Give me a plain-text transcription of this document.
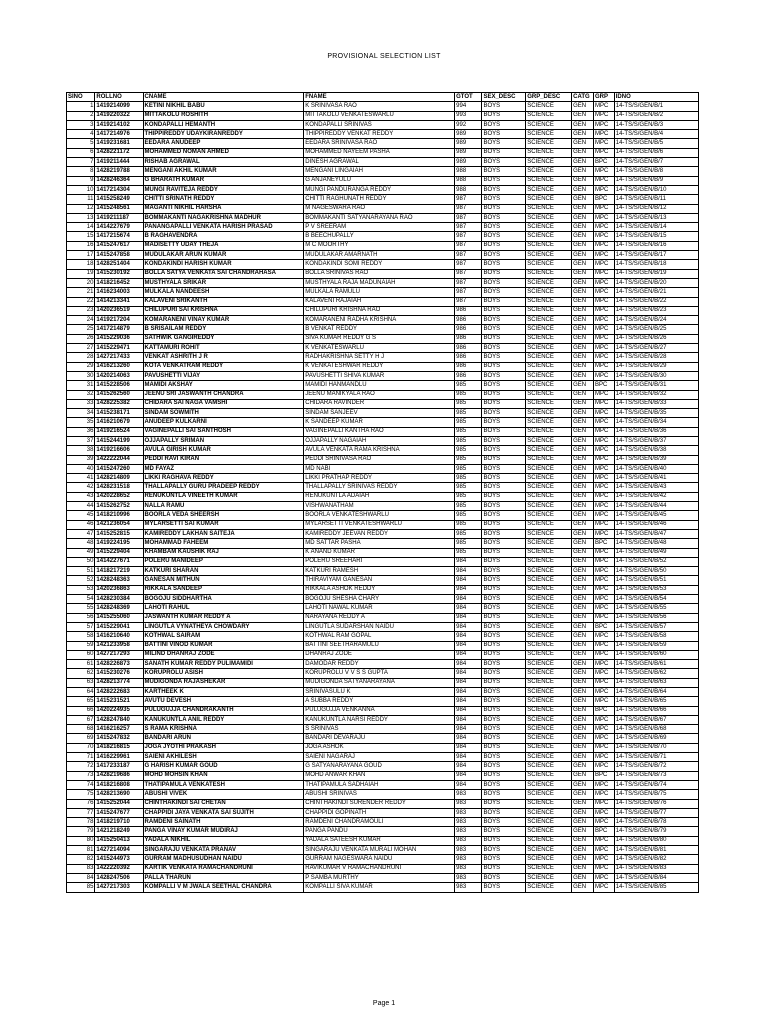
PROVISIONAL SELECTION LIST
SINO	ROLLNO	CNAME	FNAME	GTOT	SEX_DESC	GRP_DESC	CATG	GRP	IDNO
1	1419214099	KETINI NIKHIL BABU	K SRINIVASA RAO	994	BOYS	SCIENCE	GEN	MPC	14-TS/S/GEN/B/1
2	1419220322	MITTAKOLU ROSHITH	MITTAKOLU VENKATESWARLU	993	BOYS	SCIENCE	GEN	MPC	14-TS/S/GEN/B/2
3	1419214102	KONDAPALLI HEMANTH	KONDAPALLI SRINIVAS	992	BOYS	SCIENCE	GEN	MPC	14-TS/S/GEN/B/3
4	1417214976	THIPPIREDDY UDAYKIRANREDDY	THIPPIREDDY VENKAT REDDY	989	BOYS	SCIENCE	GEN	MPC	14-TS/S/GEN/B/4
5	1419231681	EEDARA ANUDEEP	EEDARA SRINIVASA RAO	989	BOYS	SCIENCE	GEN	MPC	14-TS/S/GEN/B/5
6	1428221172	MOHAMMED NOMAN AHMED	MOHAMMED NAYEEM PASHA	989	BOYS	SCIENCE	GEN	MPC	14-TS/S/GEN/B/6
7	1419211444	RISHAB AGRAWAL	DINESH AGRAWAL	989	BOYS	SCIENCE	GEN	BPC	14-TS/S/GEN/B/7
8	1428219788	MENGANI AKHIL KUMAR	MENGANI LINGAIAH	988	BOYS	SCIENCE	GEN	MPC	14-TS/S/GEN/B/8
9	1428246364	G BHARATH KUMAR	G ANJANEYULU	988	BOYS	SCIENCE	GEN	MPC	14-TS/S/GEN/B/9
10	1417214304	MUNGI RAVITEJA REDDY	MUNGI PANDURANGA REDDY	988	BOYS	SCIENCE	GEN	MPC	14-TS/S/GEN/B/10
11	1415258249	CHITTI SRINATH REDDY	CHITTI RAGHUNATH REDDY	987	BOYS	SCIENCE	GEN	BPC	14-TS/S/GEN/B/11
12	1415248561	MAGANTI NIKHIL HARSHA	M NAGESWARA RAO	987	BOYS	SCIENCE	GEN	MPC	14-TS/S/GEN/B/12
13	1419211187	BOMMAKANTI NAGAKRISHNA MADHUR	BOMMAKANTI SATYANARAYANA RAO	987	BOYS	SCIENCE	GEN	MPC	14-TS/S/GEN/B/13
14	1414227679	PANANGAPALLI VENKATA HARISH PRASAD	P V SREERAM	987	BOYS	SCIENCE	GEN	MPC	14-TS/S/GEN/B/14
15	1417215674	B RAGHAVENDRA	B BEECHUPALLY	987	BOYS	SCIENCE	GEN	MPC	14-TS/S/GEN/B/15
16	1415247617	MADISETTY UDAY THEJA	M C MOORTHY	987	BOYS	SCIENCE	GEN	MPC	14-TS/S/GEN/B/16
17	1415247858	MUDULAKAR ARUN KUMAR	MUDULAKAR AMARNATH	987	BOYS	SCIENCE	GEN	MPC	14-TS/S/GEN/B/17
18	1428251404	KONDAKINDI HARISH KUMAR	KONDAKINDI SOMI REDDY	987	BOYS	SCIENCE	GEN	MPC	14-TS/S/GEN/B/18
19	1415230192	BOLLA SATYA VENKATA SAI CHANDRAHASA	BOLLA SRINIVAS RAO	987	BOYS	SCIENCE	GEN	MPC	14-TS/S/GEN/B/19
20	1418216452	MUSTHYALA SRIKAR	MUSTHYALA RAJA MADUNAIAH	987	BOYS	SCIENCE	GEN	MPC	14-TS/S/GEN/B/20
21	1416234003	MULKALA NANDEESH	MULKALA RAMULU	987	BOYS	SCIENCE	GEN	MPC	14-TS/S/GEN/B/21
22	1414213341	KALAVENI SRIKANTH	KALAVENI RAJAIAH	987	BOYS	SCIENCE	GEN	MPC	14-TS/S/GEN/B/22
23	1420236519	CHILUPURI SAI KRISHNA	CHILUPURI KRISHNA RAO	986	BOYS	SCIENCE	GEN	MPC	14-TS/S/GEN/B/23
24	1419217204	KOMARANENI VINAY KUMAR	KOMARANENI RADHA KRISHNA	986	BOYS	SCIENCE	GEN	MPC	14-TS/S/GEN/B/24
25	1417214879	B SRISAILAM REDDY	B VENKAT REDDY	986	BOYS	SCIENCE	GEN	MPC	14-TS/S/GEN/B/25
26	1415229036	SATHWIK GANGIREDDY	SIVA KUMAR REDDY G S	986	BOYS	SCIENCE	GEN	MPC	14-TS/S/GEN/B/26
27	1415229471	KATTAMURI ROHIT	K VENKATESWARLU	986	BOYS	SCIENCE	GEN	MPC	14-TS/S/GEN/B/27
28	1427217433	VENKAT ASHRITH J R	RADHAKRISHNA SETTY H J	986	BOYS	SCIENCE	GEN	MPC	14-TS/S/GEN/B/28
29	1416213260	KOTA VENKATRAM REDDY	K VENKATESHWAR REDDY	986	BOYS	SCIENCE	GEN	MPC	14-TS/S/GEN/B/29
30	1420214063	PAVUSHETTI VIJAY	PAVUSHETTI SHIVA KUMAR	986	BOYS	SCIENCE	GEN	MPC	14-TS/S/GEN/B/30
31	1415228506	MAMIDI AKSHAY	MAMIDI HANMANDLU	985	BOYS	SCIENCE	GEN	BPC	14-TS/S/GEN/B/31
32	1415262560	JEENU SRI JASWANTH CHANDRA	JEENU MANIKYALA RAO	985	BOYS	SCIENCE	GEN	MPC	14-TS/S/GEN/B/32
33	1428225382	CHIDARA SAI NAGA VAMSHI	CHIDARA RAVINDER	985	BOYS	SCIENCE	GEN	MPC	14-TS/S/GEN/B/33
34	1415238171	SINDAM SOWMITH	SINDAM SANJEEV	985	BOYS	SCIENCE	GEN	MPC	14-TS/S/GEN/B/35
35	1416210679	ANUDEEP KULKARNI	K SANDEEP KUMAR	985	BOYS	SCIENCE	GEN	MPC	14-TS/S/GEN/B/34
36	1419216524	VAGINEPALLI SAI SANTHOSH	VAGINEPALLI KANTHA RAO	985	BOYS	SCIENCE	GEN	MPC	14-TS/S/GEN/B/36
37	1415244199	OJJAPALLY SRIMAN	OJJAPALLY NAGAIAH	985	BOYS	SCIENCE	GEN	MPC	14-TS/S/GEN/B/37
38	1419216606	AVULA GIRISH KUMAR	AVULA VENKATA RAMA KRISHNA	985	BOYS	SCIENCE	GEN	MPC	14-TS/S/GEN/B/38
39	1422222044	PEDDI RAVI KIRAN	PEDDI SRINIVASA RAO	985	BOYS	SCIENCE	GEN	MPC	14-TS/S/GEN/B/39
40	1415247260	MD FAYAZ	MD NABI	985	BOYS	SCIENCE	GEN	MPC	14-TS/S/GEN/B/40
41	1428214809	LIKKI RAGHAVA REDDY	LIKKI PRATHAP REDDY	985	BOYS	SCIENCE	GEN	MPC	14-TS/S/GEN/B/41
42	1428231518	THALLAPALLY GURU PRADEEP REDDY	THALLAPALLY SRINIVAS REDDY	985	BOYS	SCIENCE	GEN	MPC	14-TS/S/GEN/B/43
43	1420228652	RENUKUNTLA VINEETH KUMAR	RENUKUNTLA ADAIAH	985	BOYS	SCIENCE	GEN	MPC	14-TS/S/GEN/B/42
44	1415262752	NALLA RAMU	VISHWANATHAM	985	BOYS	SCIENCE	GEN	MPC	14-TS/S/GEN/B/44
45	1418210996	BOORLA VEDA SHEERSH	BOORLA VENKATESHWARLU	985	BOYS	SCIENCE	GEN	MPC	14-TS/S/GEN/B/45
46	1421236054	MYLARSETTI SAI KUMAR	MYLARSETTI VENKATESHWARLU	985	BOYS	SCIENCE	GEN	MPC	14-TS/S/GEN/B/46
47	1415252815	KAMIREDDY LAKHAN SAITEJA	KAMIREDDY JEEVAN REDDY	985	BOYS	SCIENCE	GEN	MPC	14-TS/S/GEN/B/47
48	1419224195	MOHAMMAD FAHEEM	MD SATTAR PASHA	985	BOYS	SCIENCE	GEN	BPC	14-TS/S/GEN/B/48
49	1415229404	KHAMBAM KAUSHIK RAJ	K ANAND KUMAR	985	BOYS	SCIENCE	GEN	MPC	14-TS/S/GEN/B/49
50	1414227671	POLERU MANIDEEP	POLERU SREEHARI	984	BOYS	SCIENCE	GEN	MPC	14-TS/S/GEN/B/52
51	1418217219	KATKURI SHARAN	KATKURI RAMESH	984	BOYS	SCIENCE	GEN	MPC	14-TS/S/GEN/B/50
52	1428248363	GANESAN MITHUN	THIRAVIYAM GANESAN	984	BOYS	SCIENCE	GEN	MPC	14-TS/S/GEN/B/51
53	1420236863	RIKKALA SANDEEP	RIKKALA ASHOK REDDY	984	BOYS	SCIENCE	GEN	MPC	14-TS/S/GEN/B/53
54	1428230384	BOGOJU SIDDHARTHA	BOGOJU SHESHA CHARY	984	BOYS	SCIENCE	GEN	MPC	14-TS/S/GEN/B/54
55	1428248369	LAHOTI RAHUL	LAHOTI NAWAL KUMAR	984	BOYS	SCIENCE	GEN	MPC	14-TS/S/GEN/B/55
56	1415255060	JASWANTH KUMAR REDDY A	NARAYANA REDDY A	984	BOYS	SCIENCE	GEN	MPC	14-TS/S/GEN/B/56
57	1415229041	LINGUTLA VYNATHEYA CHOWDARY	LINGUTLA SUDARSHAN NAIDU	984	BOYS	SCIENCE	GEN	BPC	14-TS/S/GEN/B/57
58	1416210640	KOTHWAL SAIRAM	KOTHWAL RAM GOPAL	984	BOYS	SCIENCE	GEN	MPC	14-TS/S/GEN/B/58
59	1421233958	BATTINI VINOD KUMAR	BATTINI SEETHARAMULU	984	BOYS	SCIENCE	GEN	MPC	14-TS/S/GEN/B/59
60	1427217293	MILIND DHANRAJ ZODE	DHANRAJ ZODE	984	BOYS	SCIENCE	GEN	MPC	14-TS/S/GEN/B/60
61	1428226873	SANATH KUMAR REDDY PULIMAMIDI	DAMODAR REDDY	984	BOYS	SCIENCE	GEN	MPC	14-TS/S/GEN/B/61
62	1415230276	KORUPROLU ASISH	KORUPROLU V V S S GUPTA	984	BOYS	SCIENCE	GEN	MPC	14-TS/S/GEN/B/62
63	1428213774	MUDIGONDA RAJASHEKAR	MUDIGONDA SATYANARAYANA	984	BOYS	SCIENCE	GEN	MPC	14-TS/S/GEN/B/63
64	1428222683	KARTHEEK K	SRINIVASULU K	984	BOYS	SCIENCE	GEN	MPC	14-TS/S/GEN/B/64
65	1415231521	AVUTU DEVESH	A SUBBA REDDY	984	BOYS	SCIENCE	GEN	MPC	14-TS/S/GEN/B/65
66	1420224935	PULUGUJJA CHANDRAKANTH	PULUGUJJA VENKANNA	984	BOYS	SCIENCE	GEN	BPC	14-TS/S/GEN/B/66
67	1428247840	KANUKUNTLA ANIL REDDY	KANUKUNTLA NARSI REDDY	984	BOYS	SCIENCE	GEN	MPC	14-TS/S/GEN/B/67
68	1416216257	S RAMA KRISHNA	S SRINIVAS	984	BOYS	SCIENCE	GEN	MPC	14-TS/S/GEN/B/68
69	1415247832	BANDARI ARUN	BANDARI DEVARAJU	984	BOYS	SCIENCE	GEN	MPC	14-TS/S/GEN/B/69
70	1418216815	JOGA JYOTHI PRAKASH	JOGA ASHOK	984	BOYS	SCIENCE	GEN	MPC	14-TS/S/GEN/B/70
71	1416229961	SAIENI AKHILESH	SAIENI NAGARAJ	984	BOYS	SCIENCE	GEN	MPC	14-TS/S/GEN/B/71
72	1417233187	G HARISH KUMAR GOUD	G SATYANARAYANA GOUD	984	BOYS	SCIENCE	GEN	MPC	14-TS/S/GEN/B/72
73	1428219686	MOHD MOHSIN KHAN	MOHD ANWAR KHAN	984	BOYS	SCIENCE	GEN	BPC	14-TS/S/GEN/B/73
74	1418216808	THATIPAMULA VENKATESH	THATIPAMULA SADHAIAH	984	BOYS	SCIENCE	GEN	MPC	14-TS/S/GEN/B/74
75	1428213690	ABUSHI VIVEK	ABUSHI SRINIVAS	983	BOYS	SCIENCE	GEN	MPC	14-TS/S/GEN/B/75
76	1415252044	CHINTHAKINDI SAI CHETAN	CHINTHAKINDI SURENDER REDDY	983	BOYS	SCIENCE	GEN	MPC	14-TS/S/GEN/B/76
77	1415247677	CHAPPIDI JAYA VENKATA SAI SUJITH	CHAPPIDI GOPINATH	983	BOYS	SCIENCE	GEN	MPC	14-TS/S/GEN/B/77
78	1418219710	RAMDENI SAINATH	RAMDENI CHANDRAMOULI	983	BOYS	SCIENCE	GEN	MPC	14-TS/S/GEN/B/78
79	1421218249	PANGA VINAY KUMAR MUDIRAJ	PANGA PANDU	983	BOYS	SCIENCE	GEN	BPC	14-TS/S/GEN/B/79
80	1415250413	YADALA NIKHIL	YADALA SATEESH KUMAR	983	BOYS	SCIENCE	GEN	MPC	14-TS/S/GEN/B/80
81	1427214094	SINGARAJU VENKATA PRANAV	SINGARAJU VENKATA MURALI MOHAN	983	BOYS	SCIENCE	GEN	MPC	14-TS/S/GEN/B/81
82	1415244973	GURRAM MADHUSUDHAN NAIDU	GURRAM NAGESWARA NAIDU	983	BOYS	SCIENCE	GEN	MPC	14-TS/S/GEN/B/82
83	1422220392	KARTIK VENKATA RAMACHANDRUNI	RAVIKUMAR V RAMACHANDRUNI	983	BOYS	SCIENCE	GEN	MPC	14-TS/S/GEN/B/83
84	1428247506	PALLA THARUN	P SAMBA MURTHY	983	BOYS	SCIENCE	GEN	MPC	14-TS/S/GEN/B/84
85	1427217303	KOMPALLI V M JWALA SEETHAL CHANDRA	KOMPALLI SIVA KUMAR	983	BOYS	SCIENCE	GEN	MPC	14-TS/S/GEN/B/85
Page 1
